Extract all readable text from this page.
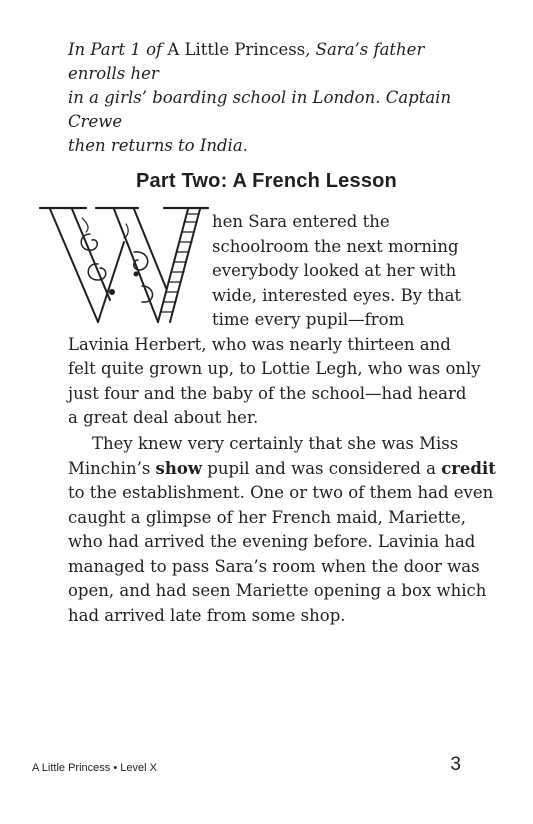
In Part 1 of A Little Princess, Sara’s father enrolls her
in a girls’ boarding school in London. Captain Crewe
then returns to India.

Part Two: A French Lesson

hen Sara entered the
schoolroom the next morning
everybody looked at her with
wide, interested eyes. By that
time every pupil—from
Lavinia Herbert, who was nearly thirteen and
felt quite grown up, to Lottie Legh, who was only
just four and the baby of the school—had heard
a great deal about her.

They knew very certainly that she was Miss
Minchin’s show pupil and was considered a credit
to the establishment. One or two of them had even
caught a glimpse of her French maid, Mariette,
who had arrived the evening before. Lavinia had
managed to pass Sara’s room when the door was
open, and had seen Mariette opening a box which
had arrived late from some shop.

A Little Princess • Level X	3
